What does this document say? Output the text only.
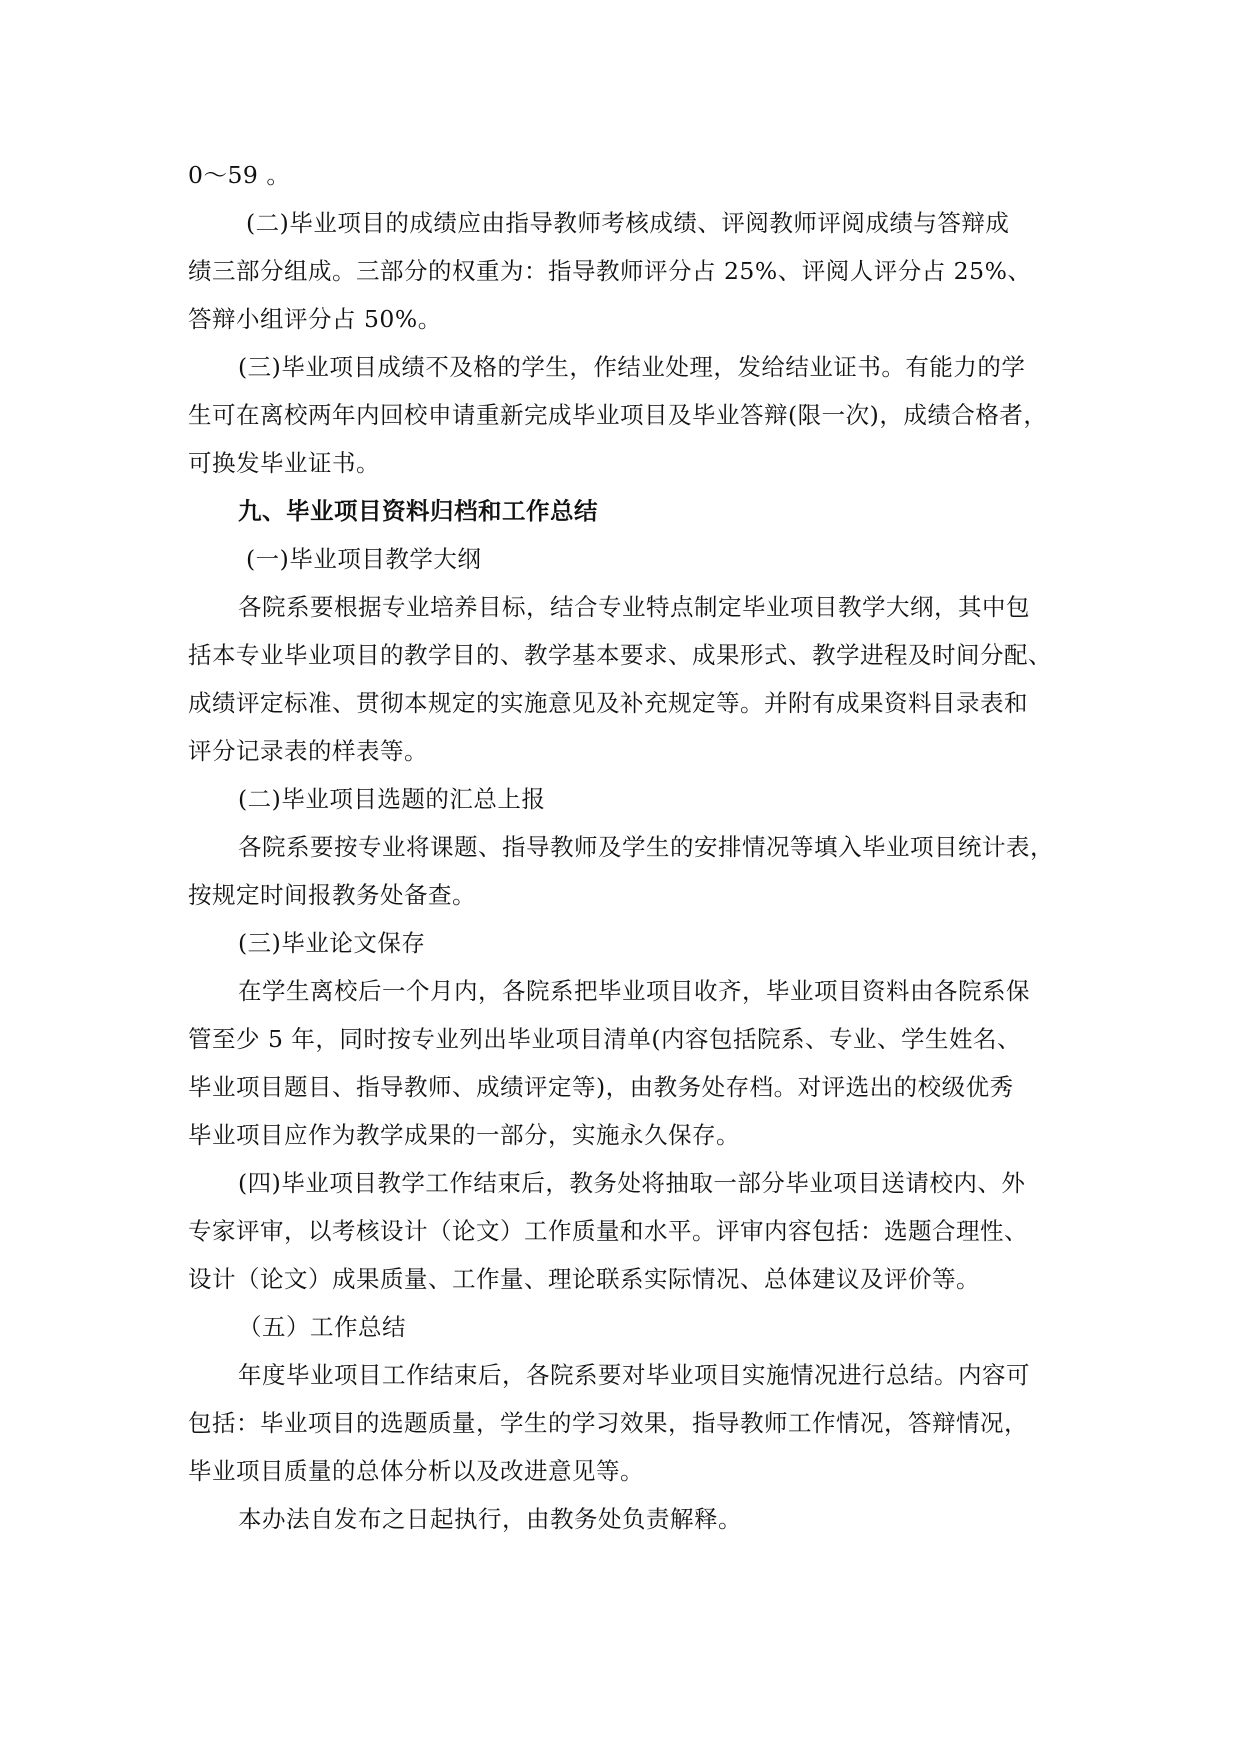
0～59 。
(二)毕业项目的成绩应由指导教师考核成绩、评阅教师评阅成绩与答辩成
绩三部分组成。三部分的权重为：指导教师评分占 25%、评阅人评分占 25%、
答辩小组评分占 50%。
(三)毕业项目成绩不及格的学生，作结业处理，发给结业证书。有能力的学
生可在离校两年内回校申请重新完成毕业项目及毕业答辩(限一次)，成绩合格者，
可换发毕业证书。
九、毕业项目资料归档和工作总结
(一)毕业项目教学大纲
各院系要根据专业培养目标，结合专业特点制定毕业项目教学大纲，其中包
括本专业毕业项目的教学目的、教学基本要求、成果形式、教学进程及时间分配、
成绩评定标准、贯彻本规定的实施意见及补充规定等。并附有成果资料目录表和
评分记录表的样表等。
(二)毕业项目选题的汇总上报
各院系要按专业将课题、指导教师及学生的安排情况等填入毕业项目统计表，
按规定时间报教务处备查。
(三)毕业论文保存
在学生离校后一个月内，各院系把毕业项目收齐，毕业项目资料由各院系保
管至少 5 年，同时按专业列出毕业项目清单(内容包括院系、专业、学生姓名、
毕业项目题目、指导教师、成绩评定等)，由教务处存档。对评选出的校级优秀
毕业项目应作为教学成果的一部分，实施永久保存。
(四)毕业项目教学工作结束后，教务处将抽取一部分毕业项目送请校内、外
专家评审，以考核设计（论文）工作质量和水平。评审内容包括：选题合理性、
设计（论文）成果质量、工作量、理论联系实际情况、总体建议及评价等。
（五）工作总结
年度毕业项目工作结束后，各院系要对毕业项目实施情况进行总结。内容可
包括：毕业项目的选题质量，学生的学习效果，指导教师工作情况，答辩情况，
毕业项目质量的总体分析以及改进意见等。
本办法自发布之日起执行，由教务处负责解释。
